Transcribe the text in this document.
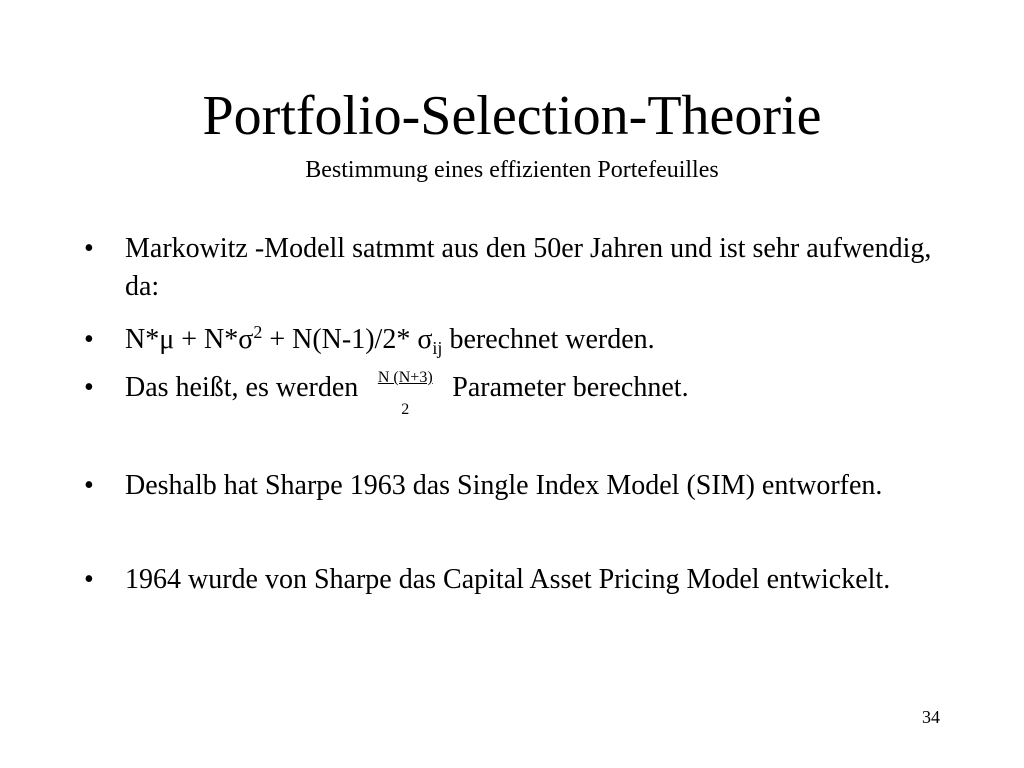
Portfolio-Selection-Theorie
Bestimmung eines effizienten Portefeuilles
•	Markowitz -Modell satmmt aus den 50er Jahren und ist sehr aufwendig, da:
•	$N*\mu + N*\sigma^2 + N(N-1)/2*$ $\sigma_{ij}$ berechnet werden.
•	Das heißt, es werden $\frac{N (N+3)}{2}$ Parameter berechnet.
•	Deshalb hat Sharpe 1963 das Single Index Model (SIM) entworfen.
•	1964 wurde von Sharpe das Capital Asset Pricing Model entwickelt.
34
